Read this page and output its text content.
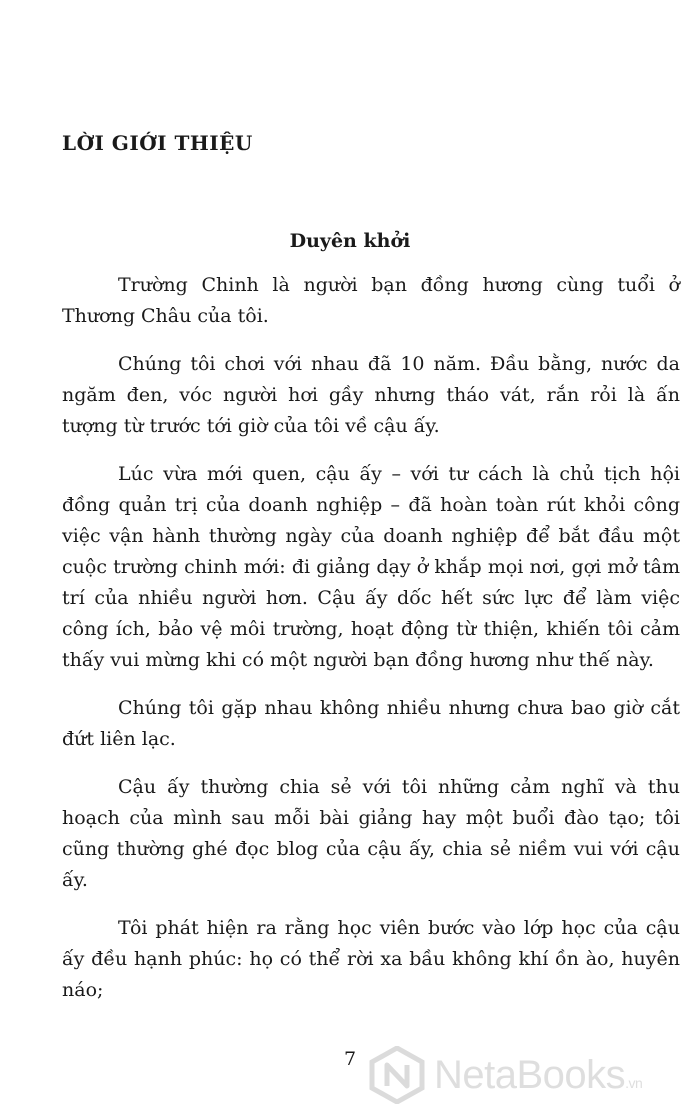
LỜI GIỚI THIỆU
Duyên khởi

Trường Chinh là người bạn đồng hương cùng tuổi ở Thương Châu của tôi.

Chúng tôi chơi với nhau đã 10 năm. Đầu bằng, nước da ngăm đen, vóc người hơi gầy nhưng tháo vát, rắn rỏi là ấn tượng từ trước tới giờ của tôi về cậu ấy.

Lúc vừa mới quen, cậu ấy – với tư cách là chủ tịch hội đồng quản trị của doanh nghiệp – đã hoàn toàn rút khỏi công việc vận hành thường ngày của doanh nghiệp để bắt đầu một cuộc trường chinh mới: đi giảng dạy ở khắp mọi nơi, gợi mở tâm trí của nhiều người hơn. Cậu ấy dốc hết sức lực để làm việc công ích, bảo vệ môi trường, hoạt động từ thiện, khiến tôi cảm thấy vui mừng khi có một người bạn đồng hương như thế này.

Chúng tôi gặp nhau không nhiều nhưng chưa bao giờ cắt đứt liên lạc.

Cậu ấy thường chia sẻ với tôi những cảm nghĩ và thu hoạch của mình sau mỗi bài giảng hay một buổi đào tạo; tôi cũng thường ghé đọc blog của cậu ấy, chia sẻ niềm vui với cậu ấy.

Tôi phát hiện ra rằng học viên bước vào lớp học của cậu ấy đều hạnh phúc: họ có thể rời xa bầu không khí ồn ào, huyên náo;

7	NetaBooks.vn
